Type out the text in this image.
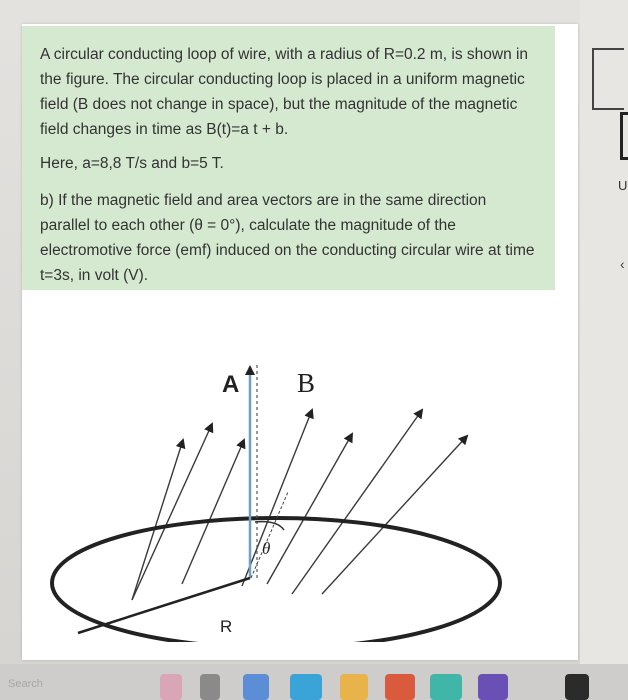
A circular conducting loop of wire, with a radius of R=0.2 m, is shown in the figure. The circular conducting loop is placed in a uniform magnetic field (B does not change in space), but the magnitude of the magnetic field changes in time as B(t)=a t + b.

Here, a=8,8 T/s and b=5 T.

b) If the magnetic field and area vectors are in the same direction parallel to each other (θ = 0°), calculate the magnitude of the electromotive force (emf) induced on the conducting circular wire at time t=3s, in volt (V).

A B
θ
R
U
‹
Search
